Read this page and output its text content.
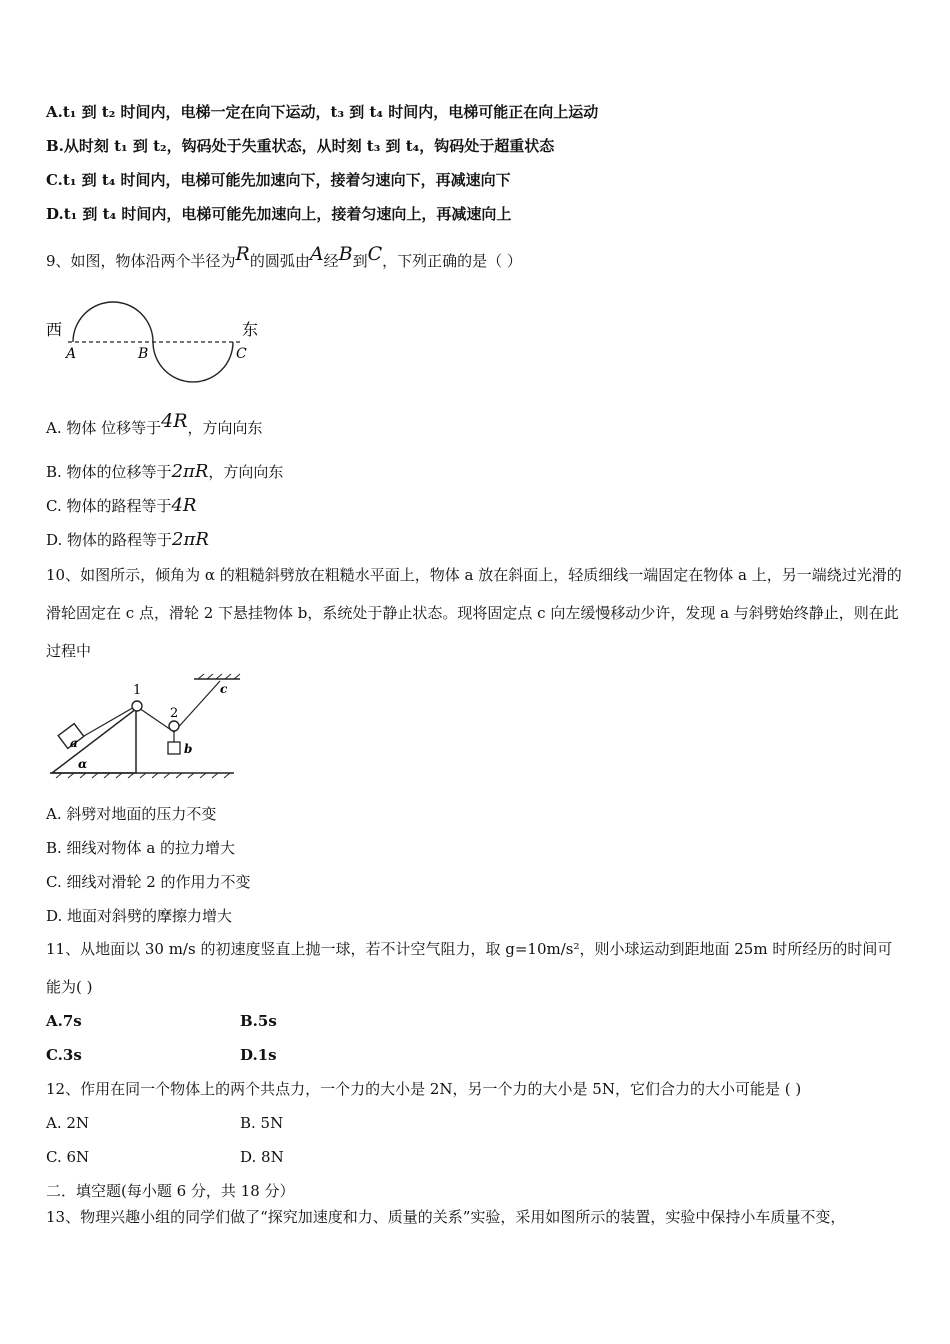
A.t₁ 到 t₂ 时间内，电梯一定在向下运动，t₃ 到 t₄ 时间内，电梯可能正在向上运动
B.从时刻 t₁ 到 t₂，钩码处于失重状态，从时刻 t₃ 到 t₄，钩码处于超重状态
C.t₁ 到 t₄ 时间内，电梯可能先加速向下，接着匀速向下，再减速向下
D.t₁ 到 t₄ 时间内，电梯可能先加速向上，接着匀速向上，再减速向上
9、如图，物体沿两个半径为R的圆弧由A经B到C，下列正确的是（ ）
西	东
A	B	C
A. 物体 位移等于4R，方向向东
B. 物体的位移等于2πR，方向向东
C. 物体的路程等于4R
D. 物体的路程等于2πR
10、如图所示，倾角为 α 的粗糙斜劈放在粗糙水平面上，物体 a 放在斜面上，轻质细线一端固定在物体 a 上，另一端绕过光滑的滑轮固定在 c 点，滑轮 2 下悬挂物体 b，系统处于静止状态。现将固定点 c 向左缓慢移动少许，发现 a 与斜劈始终静止，则在此过程中
a
α
1
2
b
c
A. 斜劈对地面的压力不变
B. 细线对物体 a 的拉力增大
C. 细线对滑轮 2 的作用力不变
D. 地面对斜劈的摩擦力增大
11、从地面以 30 m/s 的初速度竖直上抛一球，若不计空气阻力，取 g=10m/s²，则小球运动到距地面 25m 时所经历的时间可能为( )
A.7s	B.5s
C.3s	D.1s
12、作用在同一个物体上的两个共点力，一个力的大小是 2N，另一个力的大小是 5N，它们合力的大小可能是 ( )
A. 2N	B. 5N
C. 6N	D. 8N
二．填空题(每小题 6 分，共 18 分）
13、物理兴趣小组的同学们做了“探究加速度和力、质量的关系”实验，采用如图所示的装置，实验中保持小车质量不变，
